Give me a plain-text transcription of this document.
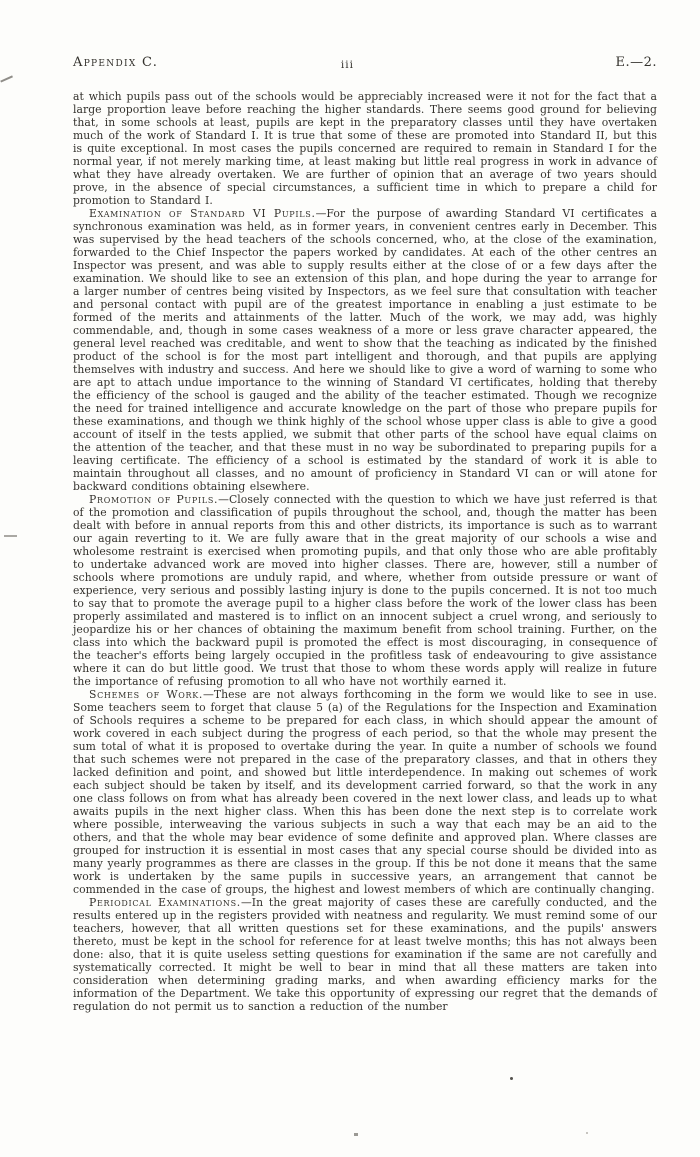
Appendix C.	iii	E.—2.

at which pupils pass out of the schools would be appreciably increased were it not for the fact that a large proportion leave before reaching the higher standards. There seems good ground for believing that, in some schools at least, pupils are kept in the preparatory classes until they have overtaken much of the work of Standard I. It is true that some of these are promoted into Standard II, but this is quite exceptional. In most cases the pupils concerned are required to remain in Standard I for the normal year, if not merely marking time, at least making but little real progress in work in advance of what they have already overtaken. We are further of opinion that an average of two years should prove, in the absence of special circumstances, a sufficient time in which to prepare a child for promotion to Standard I.

Examination of Standard VI Pupils.—For the purpose of awarding Standard VI certificates a synchronous examination was held, as in former years, in convenient centres early in December. This was supervised by the head teachers of the schools concerned, who, at the close of the examination, forwarded to the Chief Inspector the papers worked by candidates. At each of the other centres an Inspector was present, and was able to supply results either at the close of or a few days after the examination. We should like to see an extension of this plan, and hope during the year to arrange for a larger number of centres being visited by Inspectors, as we feel sure that consultation with teacher and personal contact with pupil are of the greatest importance in enabling a just estimate to be formed of the merits and attainments of the latter. Much of the work, we may add, was highly commendable, and, though in some cases weakness of a more or less grave character appeared, the general level reached was creditable, and went to show that the teaching as indicated by the finished product of the school is for the most part intelligent and thorough, and that pupils are applying themselves with industry and success. And here we should like to give a word of warning to some who are apt to attach undue importance to the winning of Standard VI certificates, holding that thereby the efficiency of the school is gauged and the ability of the teacher estimated. Though we recognize the need for trained intelligence and accurate knowledge on the part of those who prepare pupils for these examinations, and though we think highly of the school whose upper class is able to give a good account of itself in the tests applied, we submit that other parts of the school have equal claims on the attention of the teacher, and that these must in no way be subordinated to preparing pupils for a leaving certificate. The efficiency of a school is estimated by the standard of work it is able to maintain throughout all classes, and no amount of proficiency in Standard VI can or will atone for backward conditions obtaining elsewhere.

Promotion of Pupils.—Closely connected with the question to which we have just referred is that of the promotion and classification of pupils throughout the school, and, though the matter has been dealt with before in annual reports from this and other districts, its importance is such as to warrant our again reverting to it. We are fully aware that in the great majority of our schools a wise and wholesome restraint is exercised when promoting pupils, and that only those who are able profitably to undertake advanced work are moved into higher classes. There are, however, still a number of schools where promotions are unduly rapid, and where, whether from outside pressure or want of experience, very serious and possibly lasting injury is done to the pupils concerned. It is not too much to say that to promote the average pupil to a higher class before the work of the lower class has been properly assimilated and mastered is to inflict on an innocent subject a cruel wrong, and seriously to jeopardize his or her chances of obtaining the maximum benefit from school training. Further, on the class into which the backward pupil is promoted the effect is most discouraging, in consequence of the teacher's efforts being largely occupied in the profitless task of endeavouring to give assistance where it can do but little good. We trust that those to whom these words apply will realize in future the importance of refusing promotion to all who have not worthily earned it.

Schemes of Work.—These are not always forthcoming in the form we would like to see in use. Some teachers seem to forget that clause 5 (a) of the Regulations for the Inspection and Examination of Schools requires a scheme to be prepared for each class, in which should appear the amount of work covered in each subject during the progress of each period, so that the whole may present the sum total of what it is proposed to overtake during the year. In quite a number of schools we found that such schemes were not prepared in the case of the preparatory classes, and that in others they lacked definition and point, and showed but little interdependence. In making out schemes of work each subject should be taken by itself, and its development carried forward, so that the work in any one class follows on from what has already been covered in the next lower class, and leads up to what awaits pupils in the next higher class. When this has been done the next step is to correlate work where possible, interweaving the various subjects in such a way that each may be an aid to the others, and that the whole may bear evidence of some definite and approved plan. Where classes are grouped for instruction it is essential in most cases that any special course should be divided into as many yearly programmes as there are classes in the group. If this be not done it means that the same work is undertaken by the same pupils in successive years, an arrangement that cannot be commended in the case of groups, the highest and lowest members of which are continually changing.

Periodical Examinations.—In the great majority of cases these are carefully conducted, and the results entered up in the registers provided with neatness and regularity. We must remind some of our teachers, however, that all written questions set for these examinations, and the pupils' answers thereto, must be kept in the school for reference for at least twelve months; this has not always been done: also, that it is quite useless setting questions for examination if the same are not carefully and systematically corrected. It might be well to bear in mind that all these matters are taken into consideration when determining grading marks, and when awarding efficiency marks for the information of the Department. We take this opportunity of expressing our regret that the demands of regulation do not permit us to sanction a reduction of the number
